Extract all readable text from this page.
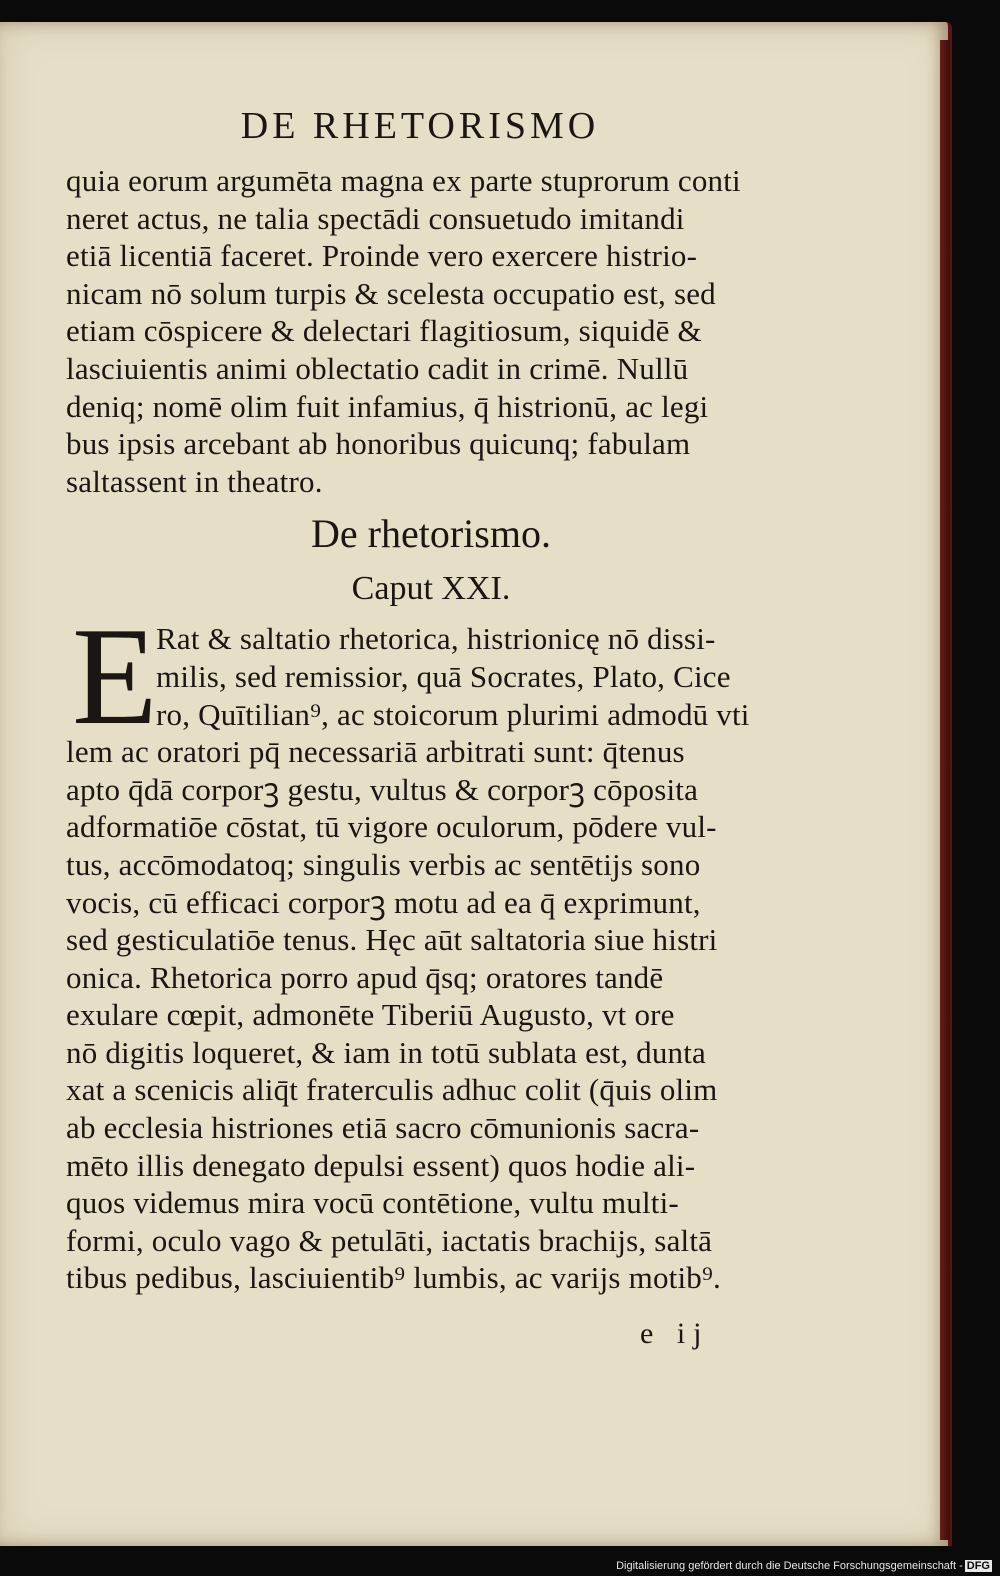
DE RHETORISMO
quia eorum argumēta magna ex parte stuprorum conti
neret actus, ne talia spectādi consuetudo imitandi
etiā licentiā faceret. Proinde vero exercere histrio-
nicam nō solum turpis & scelesta occupatio est, sed
etiam cōspicere & delectari flagitiosum, siquidē &
lasciuientis animi oblectatio cadit in crimē. Nullū
deniq; nomē olim fuit infamius, q̄ histrionū, ac legi
bus ipsis arcebant ab honoribus quicunq; fabulam
saltassent in theatro.
De rhetorismo.
Caput XXI.
E
Rat & saltatio rhetorica, histrionicę nō dissi-
milis, sed remissior, quā Socrates, Plato, Cice
ro, Quītilian⁹, ac stoicorum plurimi admodū vti
lem ac oratori pq̄ necessariā arbitrati sunt: q̄tenus
apto q̄dā corporꝫ gestu, vultus & corporꝫ cōposita
adformatiōe cōstat, tū vigore oculorum, pōdere vul-
tus, accōmodatoq; singulis verbis ac sentētijs sono
vocis, cū efficaci corporꝫ motu ad ea q̄ exprimunt,
sed gesticulatiōe tenus. Hęc aūt saltatoria siue histri
onica. Rhetorica porro apud q̄sq; oratores tandē
exulare cœpit, admonēte Tiberiū Augusto, vt ore
nō digitis loqueret, & iam in totū sublata est, dunta
xat a scenicis aliq̄t fraterculis adhuc colit (q̄uis olim
ab ecclesia histriones etiā sacro cōmunionis sacra-
mēto illis denegato depulsi essent) quos hodie ali-
quos videmus mira vocū contētione, vultu multi-
formi, oculo vago & petulāti, iactatis brachijs, saltā
tibus pedibus, lasciuientib⁹ lumbis, ac varijs motib⁹.
e ij
Digitalisierung gefördert durch die Deutsche Forschungsgemeinschaft - DFG
